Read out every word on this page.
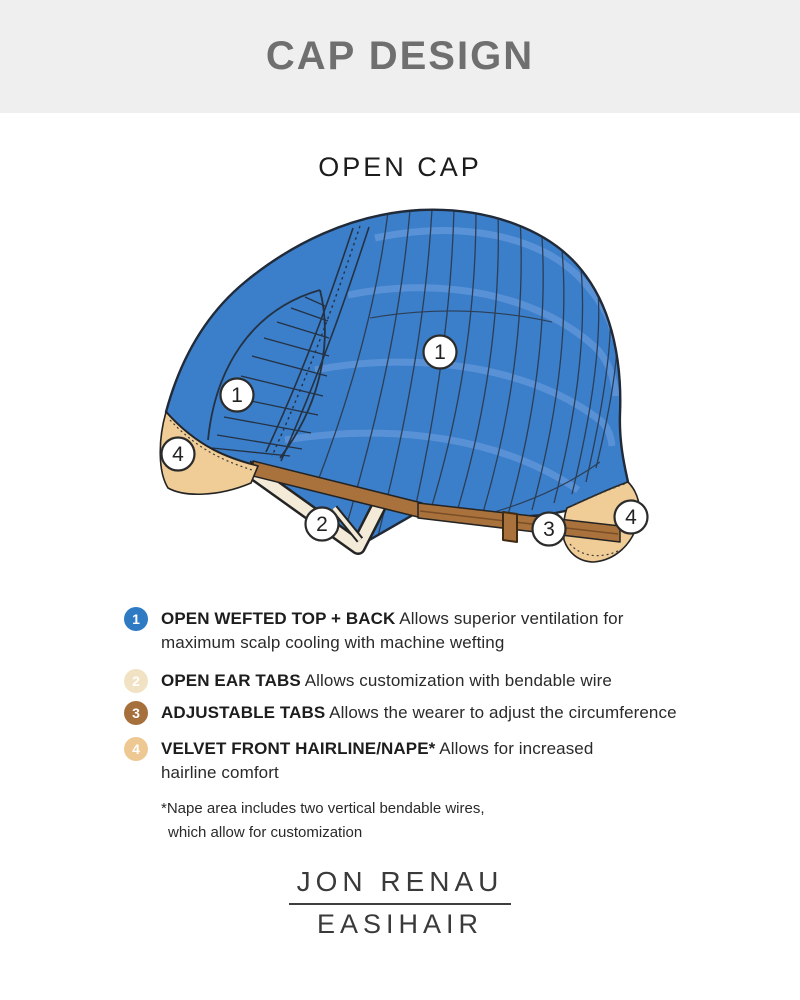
CAP DESIGN
OPEN CAP
1
1
4
2	3
4
1	OPEN WEFTED TOP + BACK Allows superior ventilation for maximum scalp cooling with machine wefting

2	OPEN EAR TABS Allows customization with bendable wire

3	ADJUSTABLE TABS Allows the wearer to adjust the circumference

4	VELVET FRONT HAIRLINE/NAPE* Allows for increased hairline comfort

*Nape area includes two vertical bendable wires,

which allow for customization

JON RENAU
EASIHAIR
